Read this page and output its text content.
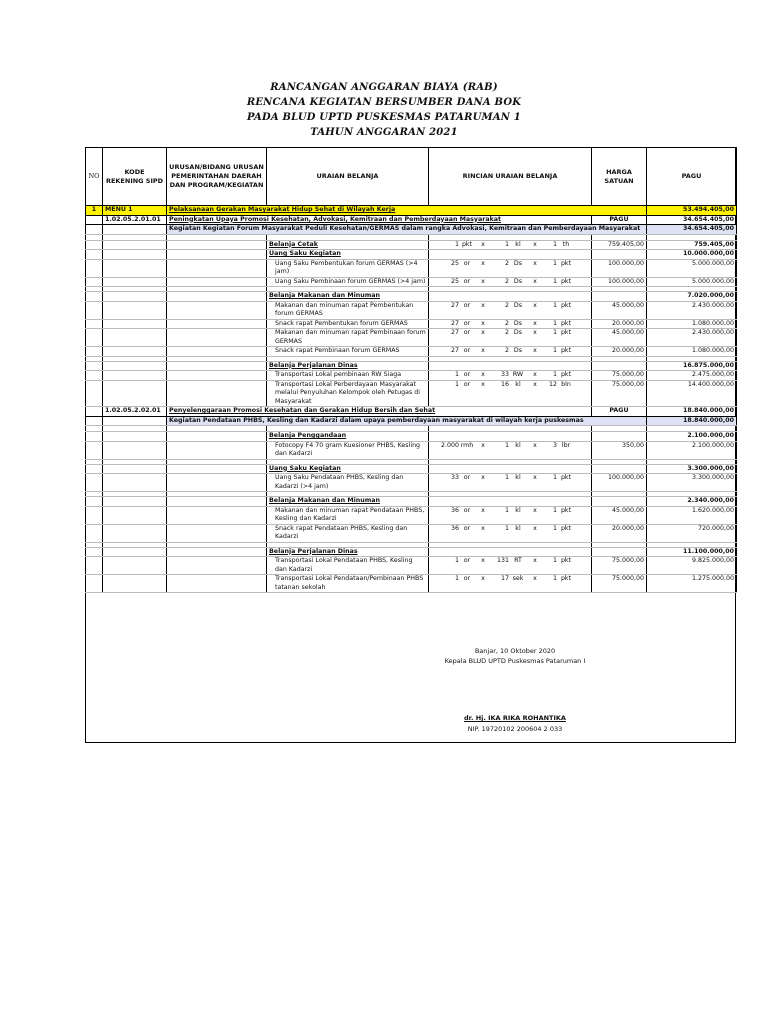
RANCANGAN ANGGARAN BIAYA (RAB)
RENCANA KEGIATAN BERSUMBER DANA BOK
PADA BLUD UPTD PUSKESMAS PATARUMAN 1
TAHUN ANGGARAN 2021
NO	KODE REKENING SIPD	URUSAN/BIDANG URUSAN PEMERINTAHAN DAERAH DAN PROGRAM/KEGIATAN	URAIAN BELANJA	RINCIAN URAIAN BELANJA	HARGA SATUAN	PAGU
1	MENU 1	Pelaksanaan Gerakan Masyarakat Hidup Sehat di Wilayah Kerja				53.494.405,00
	1.02.05.2.01.01	Peningkatan Upaya Promosi Kesehatan, Advokasi, Kemitraan dan Pemberdayaan Masyarakat			PAGU	34.654.405,00
		Kegiatan Kegiatan Forum Masyarakat Peduli Kesehatan/GERMAS dalam rangka Advokasi, Kemitraan dan Pemberdayaan Masyarakat				34.654.405,00

			Belanja Cetak	1 pkt x 1 kl x 1 th	759.405,00	759.405,00
			Uang Saku Kegiatan			10.000.000,00
			Uang Saku Pembentukan forum GERMAS (>4 jam)	25 or x 2 Ds x 1 pkt	100.000,00	5.000.000,00
			Uang Saku Pembinaan forum GERMAS (>4 jam)	25 or x 2 Ds x 1 pkt	100.000,00	5.000.000,00

			Belanja Makanan dan Minuman			7.020.000,00
			Makanan dan minuman rapat Pembentukan forum GERMAS	27 or x 2 Ds x 1 pkt	45.000,00	2.430.000,00
			Snack rapat Pembentukan forum GERMAS	27 or x 2 Ds x 1 pkt	20.000,00	1.080.000,00
			Makanan dan minuman rapat Pembinaan forum GERMAS	27 or x 2 Ds x 1 pkt	45.000,00	2.430.000,00
			Snack rapat Pembinaan forum GERMAS	27 or x 2 Ds x 1 pkt	20.000,00	1.080.000,00

			Belanja Perjalanan Dinas			16.875.000,00
			Transportasi Lokal pembinaan RW Siaga	1 or x 33 RW x 1 pkt	75.000,00	2.475.000,00
			Transportasi Lokal Perberdayaan Masyarakat melalui Penyuluhan Kelompok oleh Petugas di Masyarakat	1 or x 16 kl x 12 bln	75.000,00	14.400.000,00
	1.02.05.2.02.01	Penyelenggaraan Promosi Kesehatan dan Gerakan Hidup Bersih dan Sehat			PAGU	18.840.000,00
		Kegiatan Pendataan PHBS, Kesling dan Kadarzi dalam upaya pemberdayaan masyarakat di wilayah kerja puskesmas				18.840.000,00

			Belanja Penggandaan			2.100.000,00
			Fotocopy F4 70 gram Kuesioner PHBS, Kesling dan Kadarzi	2.000 rmh x 1 kl x 3 lbr	350,00	2.100.000,00

			Uang Saku Kegiatan			3.300.000,00
			Uang Saku Pendataan PHBS, Kesling dan Kadarzi (>4 jam)	33 or x 1 kl x 1 pkt	100.000,00	3.300.000,00

			Belanja Makanan dan Minuman			2.340.000,00
			Makanan dan minuman rapat Pendataan PHBS, Kesling dan Kadarzi	36 or x 1 kl x 1 pkt	45.000,00	1.620.000,00
			Snack rapat Pendataan PHBS, Kesling dan Kadarzi	36 or x 1 kl x 1 pkt	20.000,00	720.000,00

			Belanja Perjalanan Dinas			11.100.000,00
			Transportasi Lokal Pendataan PHBS, Kesling dan Kadarzi	1 or x 131 RT x 1 pkt	75.000,00	9.825.000,00
			Transportasi Lokal Pendataan/Pembinaan PHBS tatanan sekolah	1 or x 17 sek x 1 pkt	75.000,00	1.275.000,00
Banjar, 10 Oktober 2020
Kepala BLUD UPTD Puskesmas Pataruman I
dr. Hj. IKA RIKA ROHANTIKA
NIP. 19720102 200604 2 033
